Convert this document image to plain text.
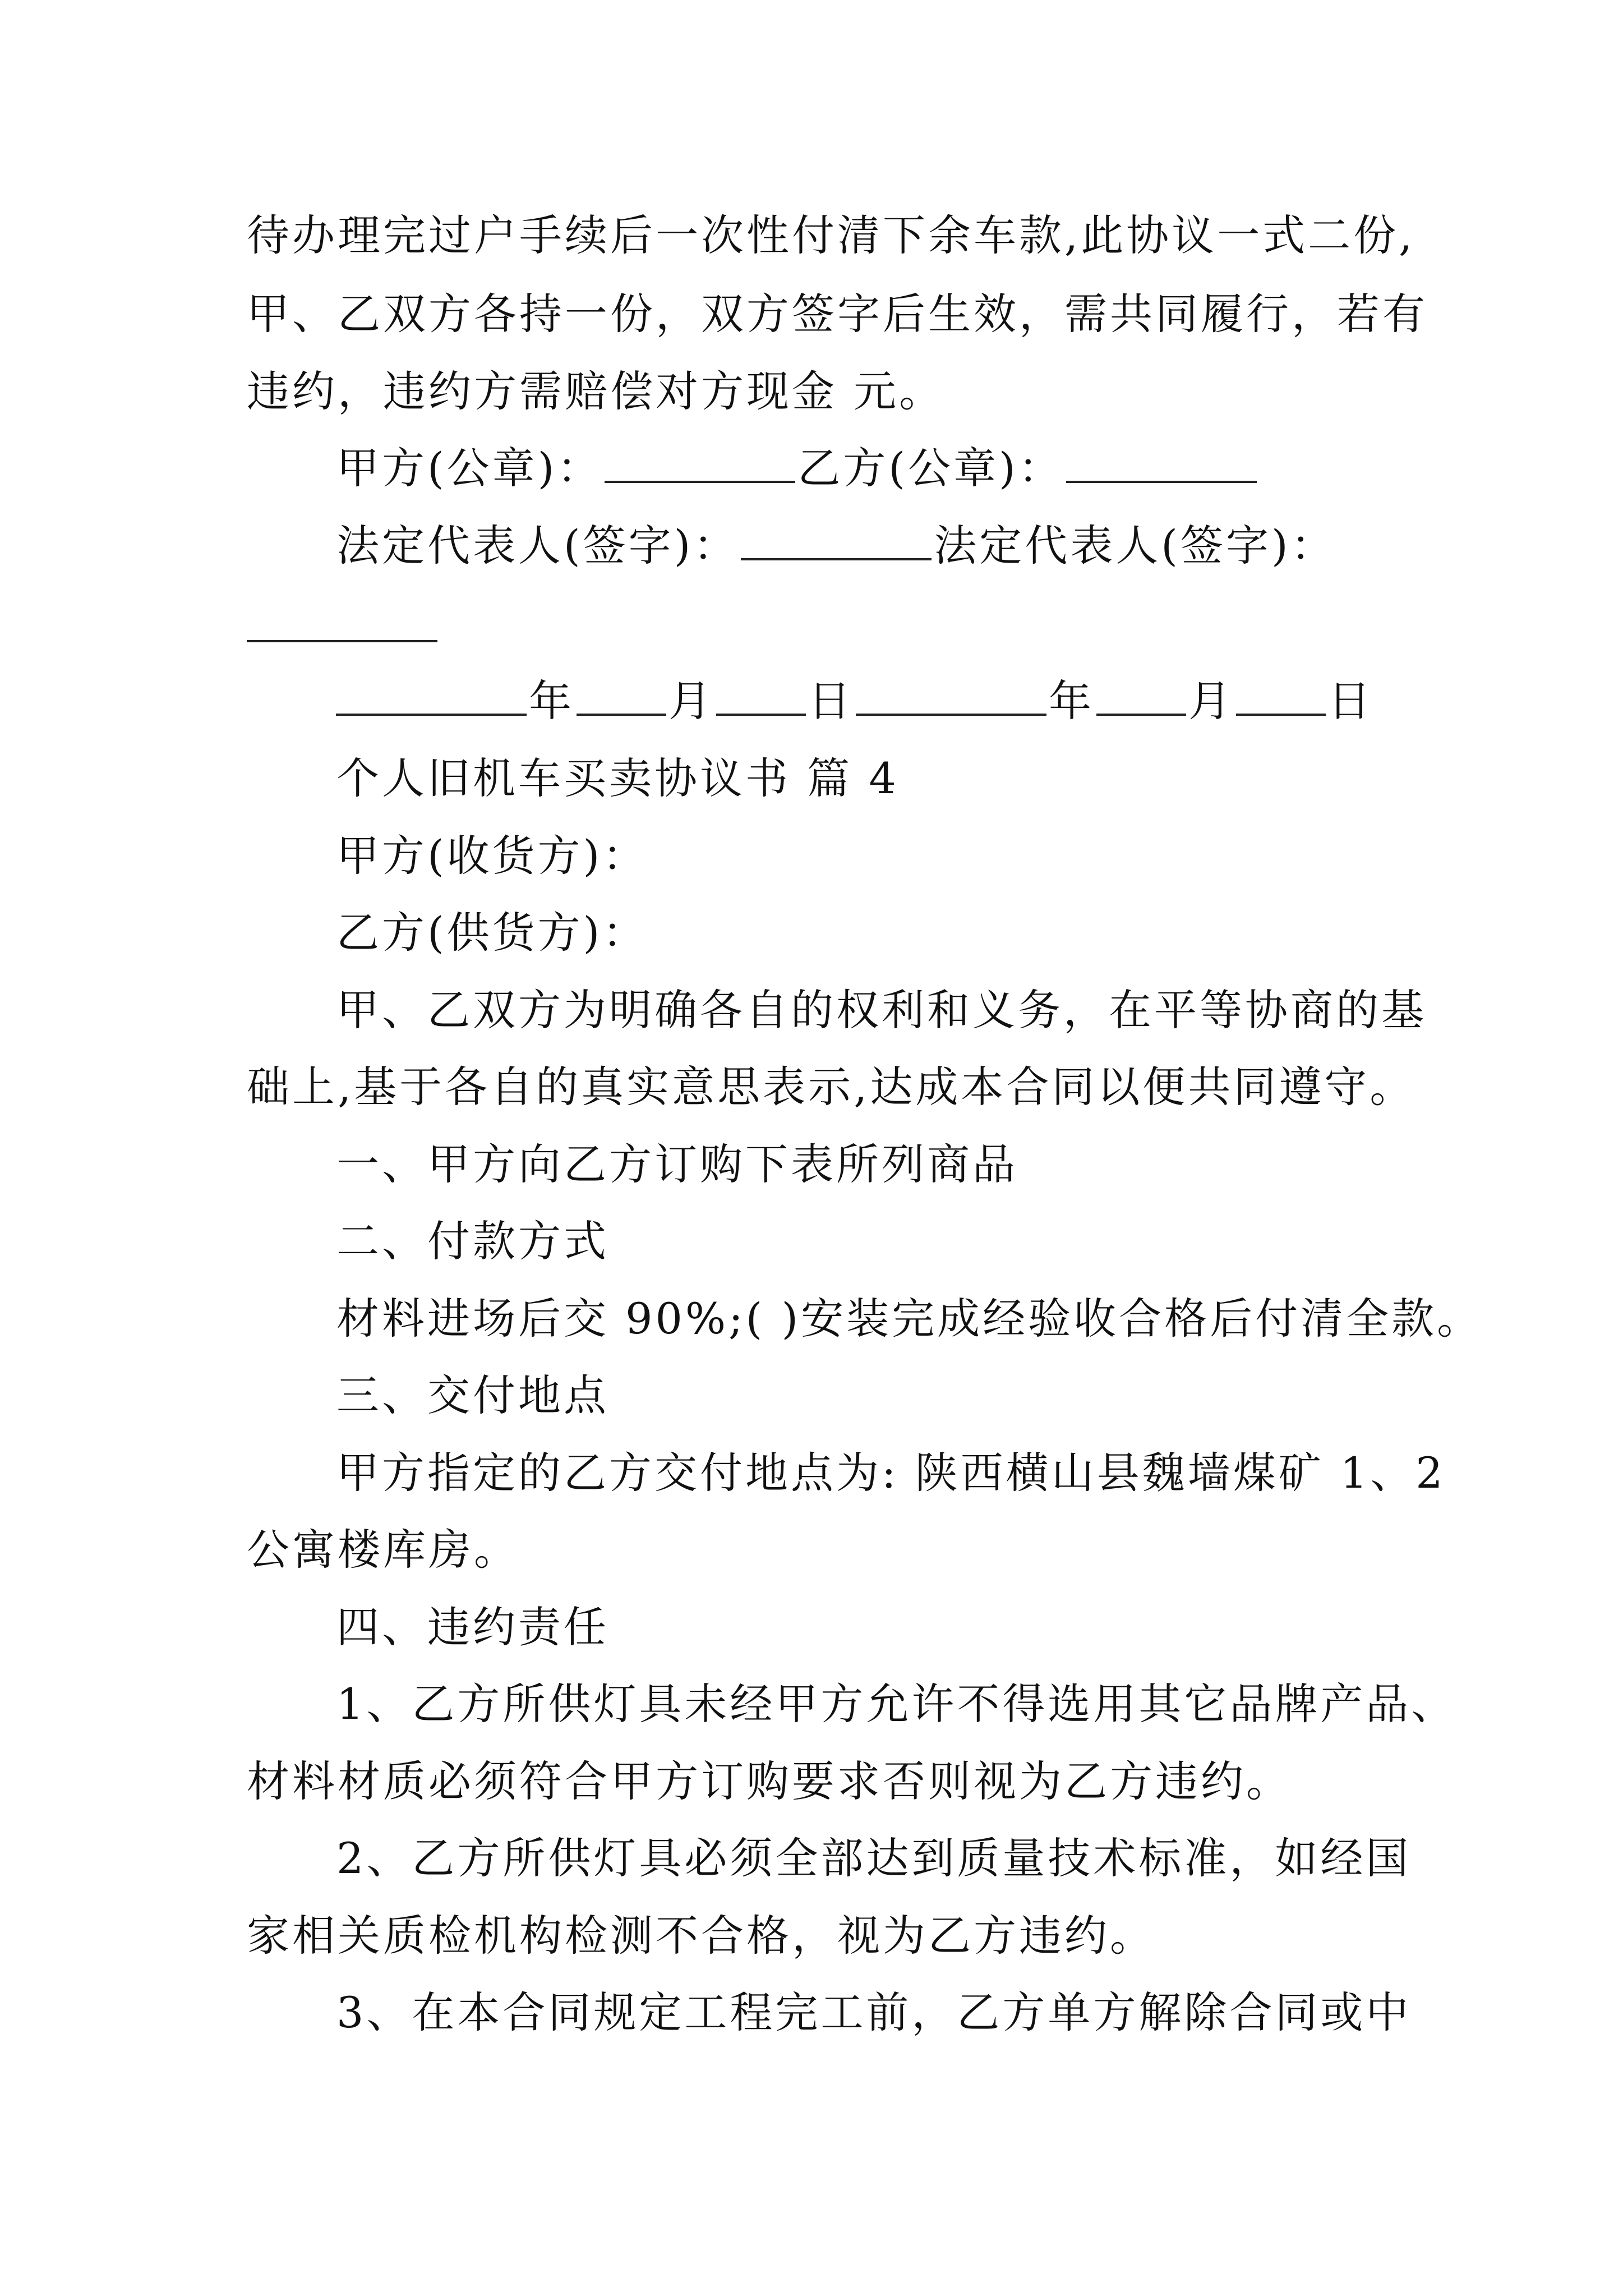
待办理完过户手续后一次性付清下余车款,此协议一式二份,
甲、乙双方各持一份，双方签字后生效，需共同履行，若有
违约，违约方需赔偿对方现金 元。
甲方(公章)：	乙方(公章)：
法定代表人(签字)：	法定代表人(签字)：
年 月 日	年 月 日
个人旧机车买卖协议书 篇 4
甲方(收货方)：
乙方(供货方)：
甲、乙双方为明确各自的权利和义务，在平等协商的基
础上,基于各自的真实意思表示,达成本合同以便共同遵守。
一、甲方向乙方订购下表所列商品
二、付款方式
材料进场后交 90%;( )安装完成经验收合格后付清全款。
三、交付地点
甲方指定的乙方交付地点为: 陕西横山县魏墙煤矿 1、2
公寓楼库房。
四、违约责任
1、乙方所供灯具未经甲方允许不得选用其它品牌产品、
材料材质必须符合甲方订购要求否则视为乙方违约。
2、乙方所供灯具必须全部达到质量技术标准，如经国
家相关质检机构检测不合格，视为乙方违约。
3、在本合同规定工程完工前，乙方单方解除合同或中
